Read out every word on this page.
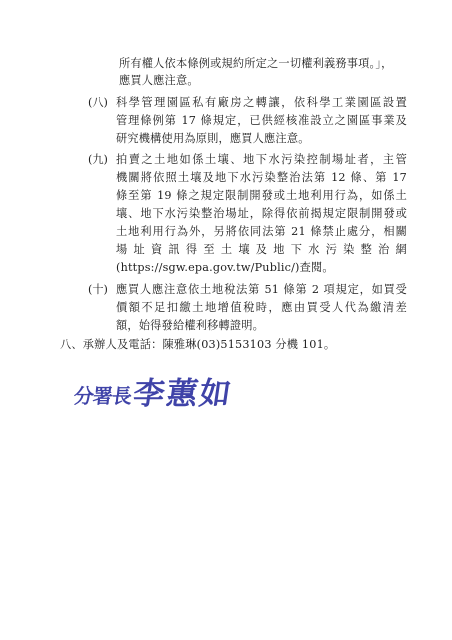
所有權人依本條例或規約所定之一切權利義務事項。」，
應買人應注意。
(八) 科學管理園區私有廠房之轉讓，依科學工業園區設置
管理條例第 17 條規定，已供經核准設立之園區事業及
研究機構使用為原則，應買人應注意。
(九) 拍賣之土地如係土壤、地下水污染控制場址者，主管
機關將依照土壤及地下水污染整治法第 12 條、第 17
條至第 19 條之規定限制開發或土地利用行為，如係土
壤、地下水污染整治場址，除得依前揭規定限制開發或
土地利用行為外，另將依同法第 21 條禁止處分，相關
場址資訊得至土壤及地下水污染整治網
(https://sgw.epa.gov.tw/Public/)查閱。
(十) 應買人應注意依土地稅法第 51 條第 2 項規定，如買受
價額不足扣繳土地增值稅時，應由買受人代為繳清差
額，始得發給權利移轉證明。
八、承辦人及電話：陳雅琳(03)5153103 分機 101。
分署長
李蕙如
